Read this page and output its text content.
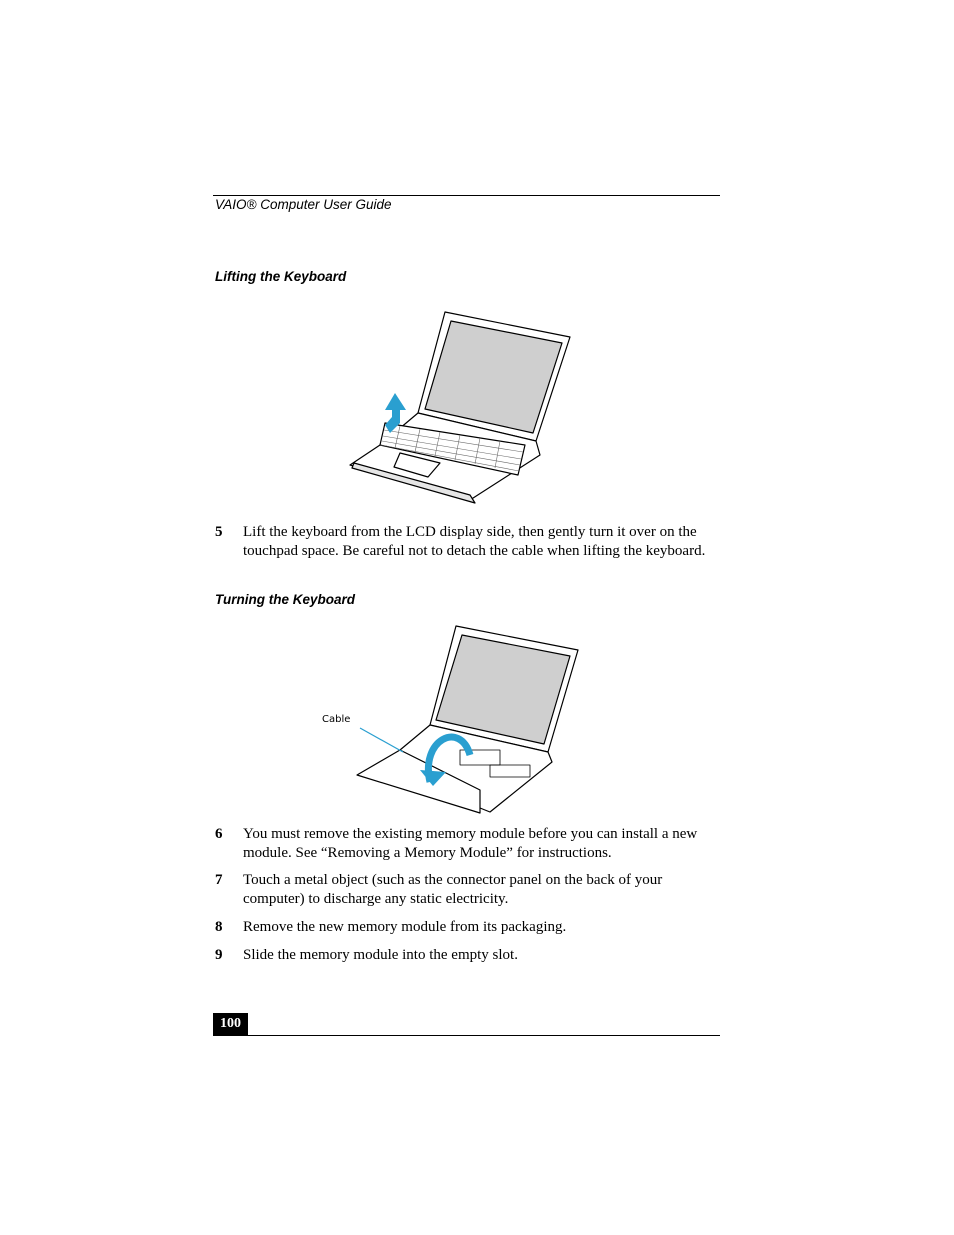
VAIO® Computer User Guide
Lifting the Keyboard
5 Lift the keyboard from the LCD display side, then gently turn it over on the touchpad space. Be careful not to detach the cable when lifting the keyboard.
Turning the Keyboard
Cable
6 You must remove the existing memory module before you can install a new module. See “Removing a Memory Module” for instructions.
7 Touch a metal object (such as the connector panel on the back of your computer) to discharge any static electricity.
8 Remove the new memory module from its packaging.
9 Slide the memory module into the empty slot.
100
